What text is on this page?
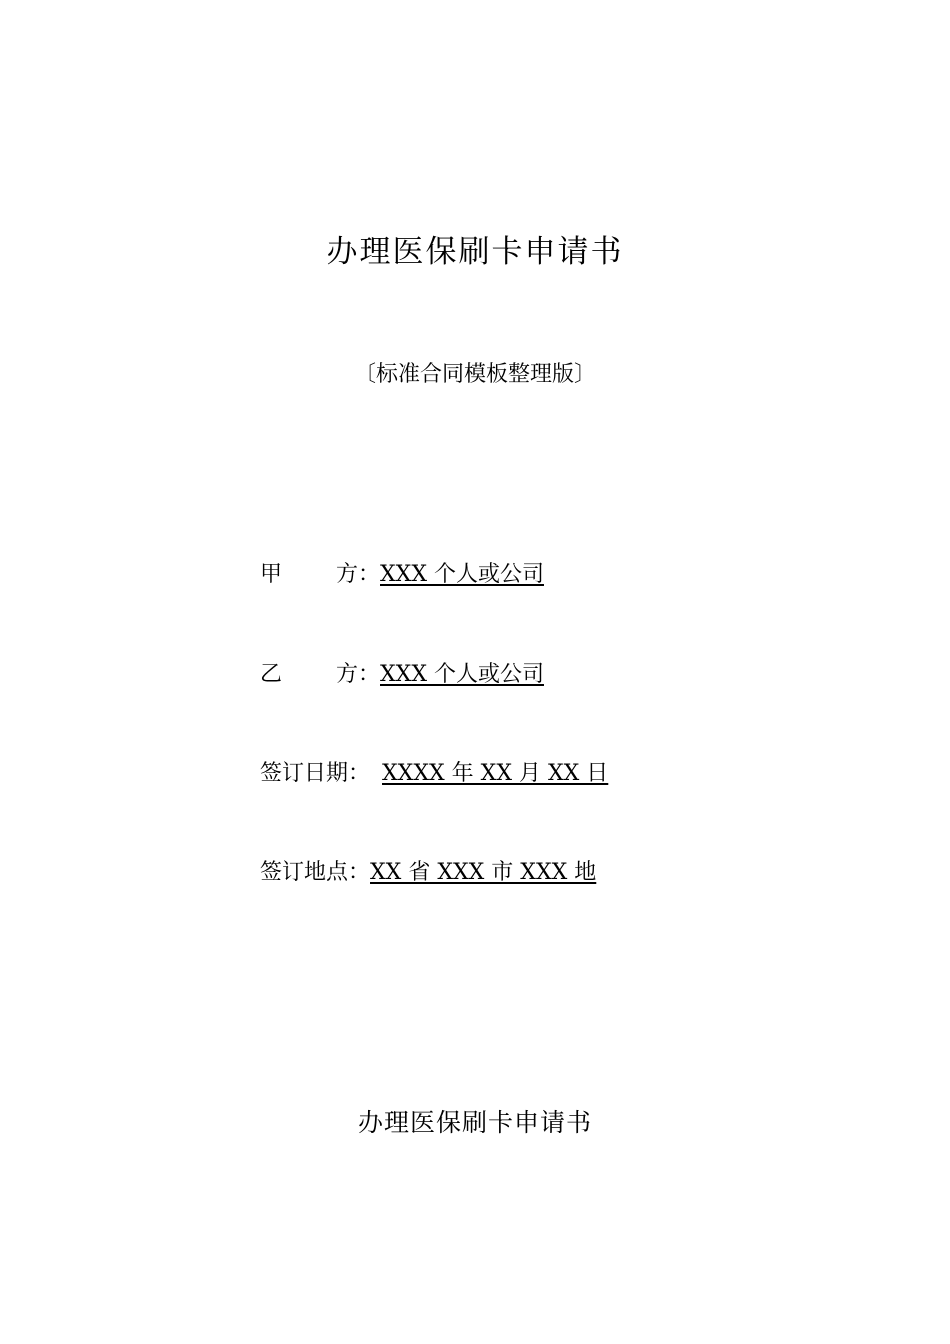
办理医保刷卡申请书
〔标准合同模板整理版〕
甲 方： XXX 个人或公司
乙 方： XXX 个人或公司
签订日期： XXXX 年 XX 月 XX 日
签订地点： XX 省 XXX 市 XXX 地
办理医保刷卡申请书
